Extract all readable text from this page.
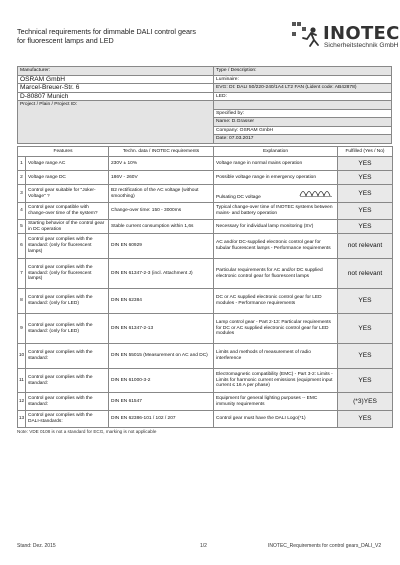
Technical requirements for dimmable DALI control gears
for fluorescent lamps and LED	INOTEC
Sicherheitstechnik GmbH
Manufacturer:	Type / Description:
OSRAM GmbH	Luminaire:
Marcel-Breuer-Str. 6	EVG: Dt: DALI 50/220-240/1A4 LT2 FAN (Lident code: AB42878)
D-80807 Munich	LED:
Project / Plain / Project ID:	
	Specified by:
	Name: D.Grasser
	Company: OSRAM GmbH
	Date: 07.03.2017
Features		Techn. data / INOTEC requirements	Explanation	Fulfilled (Yes / No)
1	Voltage range AC	230V ± 10%	Voltage range in normal mains operation	YES
2	Voltage range DC	186V - 260V	Possible voltage range in emergency operation	YES
3	Control gear suitable for "Joker-Voltage" ?	B2 rectification of the AC voltage (without smoothing)	Pulsating DC voltage	YES
4	Control gear compatible with change-over time of the system?	Change-over time: 150 - 3000ms	Typical change-over time of INOTEC systems between mains- and battery operation	YES
5	Starting behavior of the control gear in DC operation	Stable current consumption within 1,6s	Necessary for individual lamp monitoring (SV)	YES
6	Control gear complies with the standard: (only for fluorescent lamps)	DIN EN 60929	AC and/or DC-supplied electronic control gear for tubular fluorescent lamps - Performance requirements	not relevant
7	Control gear complies with the standard: (only for fluorescent lamps)	DIN EN 61347-2-3 (incl. Attachment J)	Particular requirements for AC and/or DC supplied electronic control gear for fluorescent lamps	not relevant
8	Control gear complies with the standard: (only for LED)	DIN EN 62384	DC or AC supplied electronic control gear for LED modules - Performance requirements	YES
9	Control gear complies with the standard: (only for LED)	DIN EN 61347-2-13	Lamp control gear - Part 2-13: Particular requirements for DC or AC supplied electronic control gear for LED modules	YES
10	Control gear complies with the standard:	DIN EN 55015 (Measurement on AC and DC)	Limits and methods of measurement of radio interference	YES
11	Control gear complies with the standard:	DIN EN 61000-3-2	Electromagnetic compatibility (EMC) - Part 3-2: Limits - Limits for harmonic current emissions (equipment input current ≤ 16 A per phase)	YES
12	Control gear complies with the standard:	DIN EN 61547	Equipment for general lighting purposes -- EMC immunity requirements	(*3)YES
13	Control gear complies with the DALI-standards:	DIN EN 62386-101 / 102 / 207	Control gear must have the DALI Logo(*1)	YES
Note: VDE 0108 is not a standard for ECG, marking is not applicable
Stand: Dez. 2015	1/2	INOTEC_Requirements for control gears_DALI_V2
